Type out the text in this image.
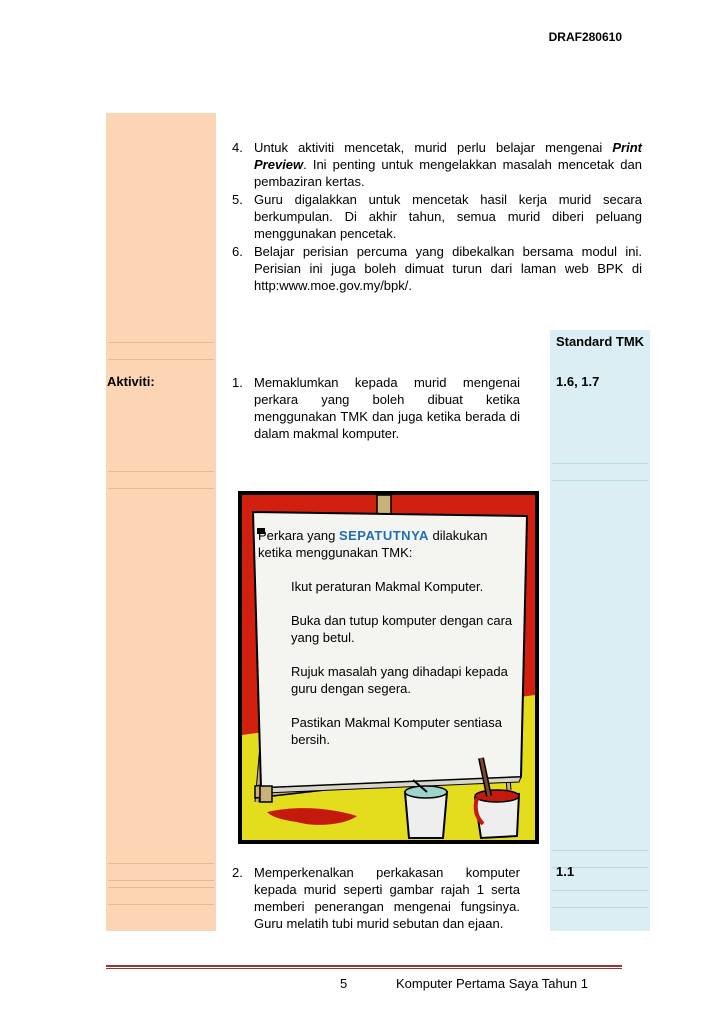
DRAF280610
4. Untuk aktiviti mencetak, murid perlu belajar mengenai Print Preview. Ini penting untuk mengelakkan masalah mencetak dan pembaziran kertas.
5. Guru digalakkan untuk mencetak hasil kerja murid secara berkumpulan. Di akhir tahun, semua murid diberi peluang menggunakan pencetak.
6. Belajar perisian percuma yang dibekalkan bersama modul ini. Perisian ini juga boleh dimuat turun dari laman web BPK di http:www.moe.gov.my/bpk/.
Standard TMK
Aktiviti:	1. Memaklumkan kepada murid mengenai perkara yang boleh dibuat ketika menggunakan TMK dan juga ketika berada di dalam makmal komputer.
1.6, 1.7

Perkara yang SEPATUTNYA dilakukan ketika menggunakan TMK:

Ikut peraturan Makmal Komputer.

Buka dan tutup komputer dengan cara yang betul.

Rujuk masalah yang dihadapi kepada guru dengan segera.

Pastikan Makmal Komputer sentiasa bersih.

2. Memperkenalkan perkakasan komputer kepada murid seperti gambar rajah 1 serta memberi penerangan mengenai fungsinya. Guru melatih tubi murid sebutan dan ejaan.
1.1
5	Komputer Pertama Saya Tahun 1
